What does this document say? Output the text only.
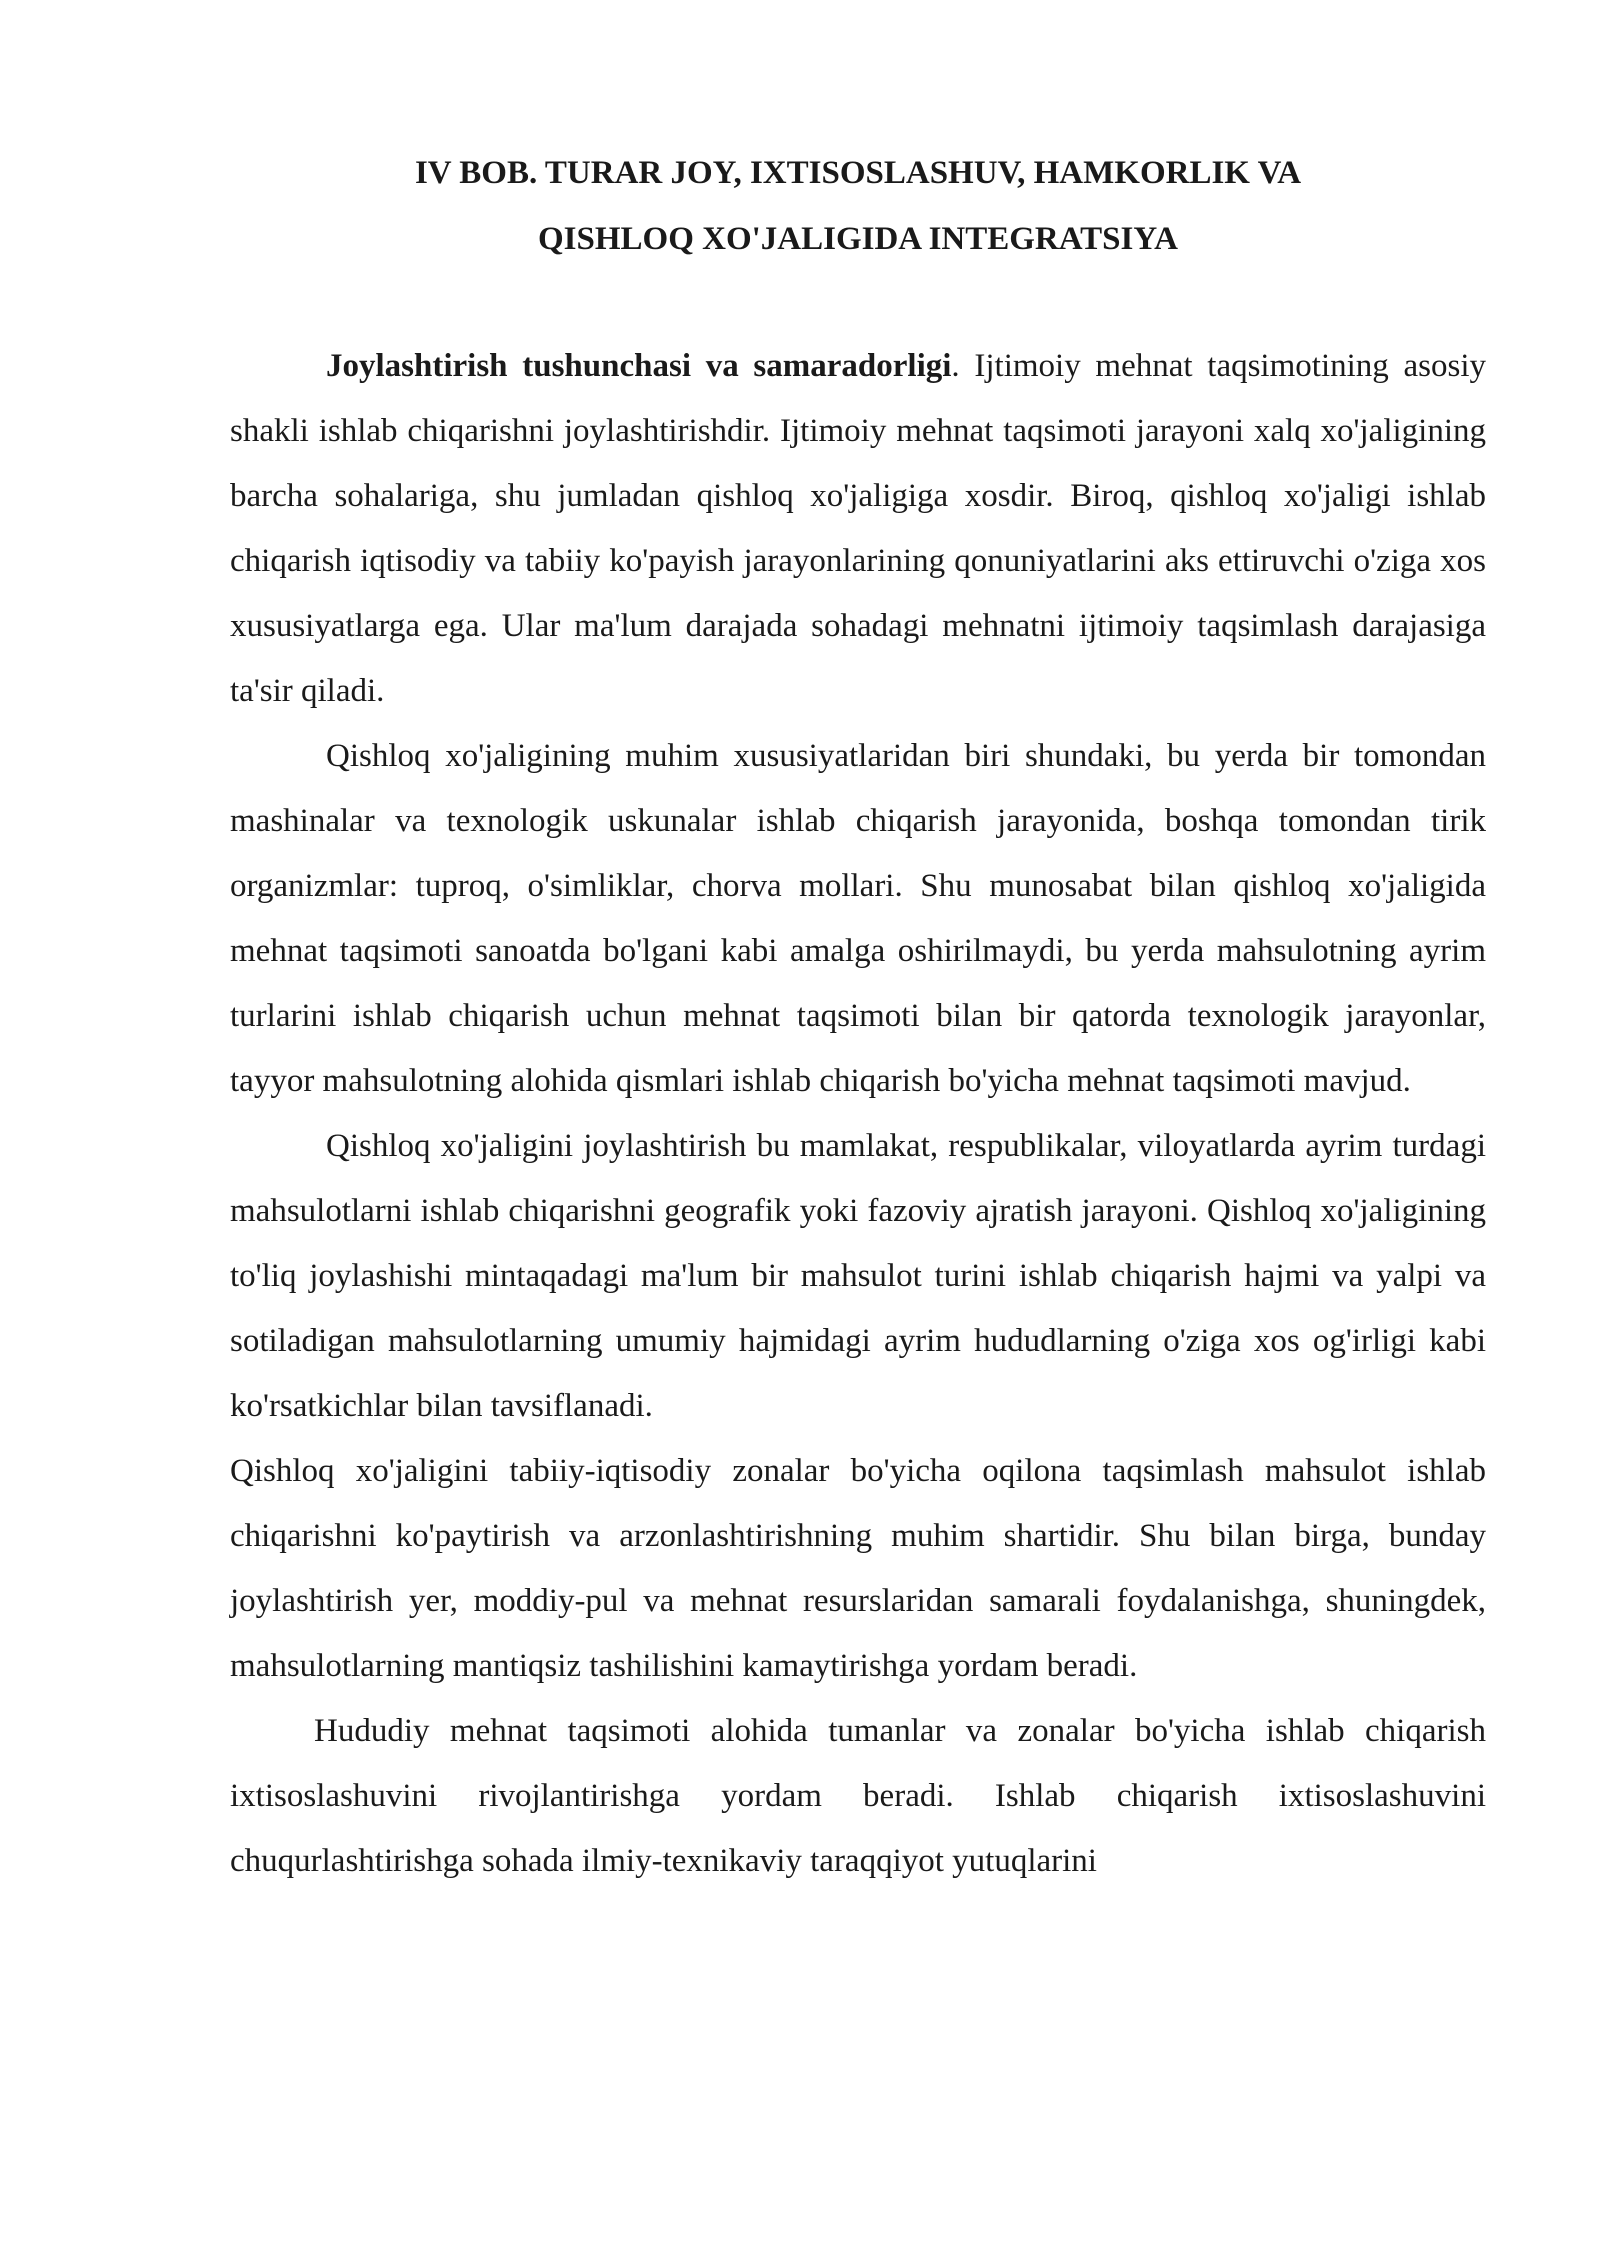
IV BOB. TURAR JOY, IXTISOSLASHUV, HAMKORLIK VA
QISHLOQ XO'JALIGIDA INTEGRATSIYA

Joylashtirish tushunchasi va samaradorligi. Ijtimoiy mehnat taqsimotining asosiy shakli ishlab chiqarishni joylashtirishdir. Ijtimoiy mehnat taqsimoti jarayoni xalq xo'jaligining barcha sohalariga, shu jumladan qishloq xo'jaligiga xosdir. Biroq, qishloq xo'jaligi ishlab chiqarish iqtisodiy va tabiiy ko'payish jarayonlarining qonuniyatlarini aks ettiruvchi o'ziga xos xususiyatlarga ega. Ular ma'lum darajada sohadagi mehnatni ijtimoiy taqsimlash darajasiga ta'sir qiladi.

Qishloq xo'jaligining muhim xususiyatlaridan biri shundaki, bu yerda bir tomondan mashinalar va texnologik uskunalar ishlab chiqarish jarayonida, boshqa tomondan tirik organizmlar: tuproq, o'simliklar, chorva mollari. Shu munosabat bilan qishloq xo'jaligida mehnat taqsimoti sanoatda bo'lgani kabi amalga oshirilmaydi, bu yerda mahsulotning ayrim turlarini ishlab chiqarish uchun mehnat taqsimoti bilan bir qatorda texnologik jarayonlar, tayyor mahsulotning alohida qismlari ishlab chiqarish bo'yicha mehnat taqsimoti mavjud.

Qishloq xo'jaligini joylashtirish bu mamlakat, respublikalar, viloyatlarda ayrim turdagi mahsulotlarni ishlab chiqarishni geografik yoki fazoviy ajratish jarayoni. Qishloq xo'jaligining to'liq joylashishi mintaqadagi ma'lum bir mahsulot turini ishlab chiqarish hajmi va yalpi va sotiladigan mahsulotlarning umumiy hajmidagi ayrim hududlarning o'ziga xos og'irligi kabi ko'rsatkichlar bilan tavsiflanadi.

Qishloq xo'jaligini tabiiy-iqtisodiy zonalar bo'yicha oqilona taqsimlash mahsulot ishlab chiqarishni ko'paytirish va arzonlashtirishning muhim shartidir. Shu bilan birga, bunday joylashtirish yer, moddiy-pul va mehnat resurslaridan samarali foydalanishga, shuningdek, mahsulotlarning mantiqsiz tashilishini kamaytirishga yordam beradi.

Hududiy mehnat taqsimoti alohida tumanlar va zonalar bo'yicha ishlab chiqarish ixtisoslashuvini rivojlantirishga yordam beradi. Ishlab chiqarish ixtisoslashuvini chuqurlashtirishga sohada ilmiy-texnikaviy taraqqiyot yutuqlarini
